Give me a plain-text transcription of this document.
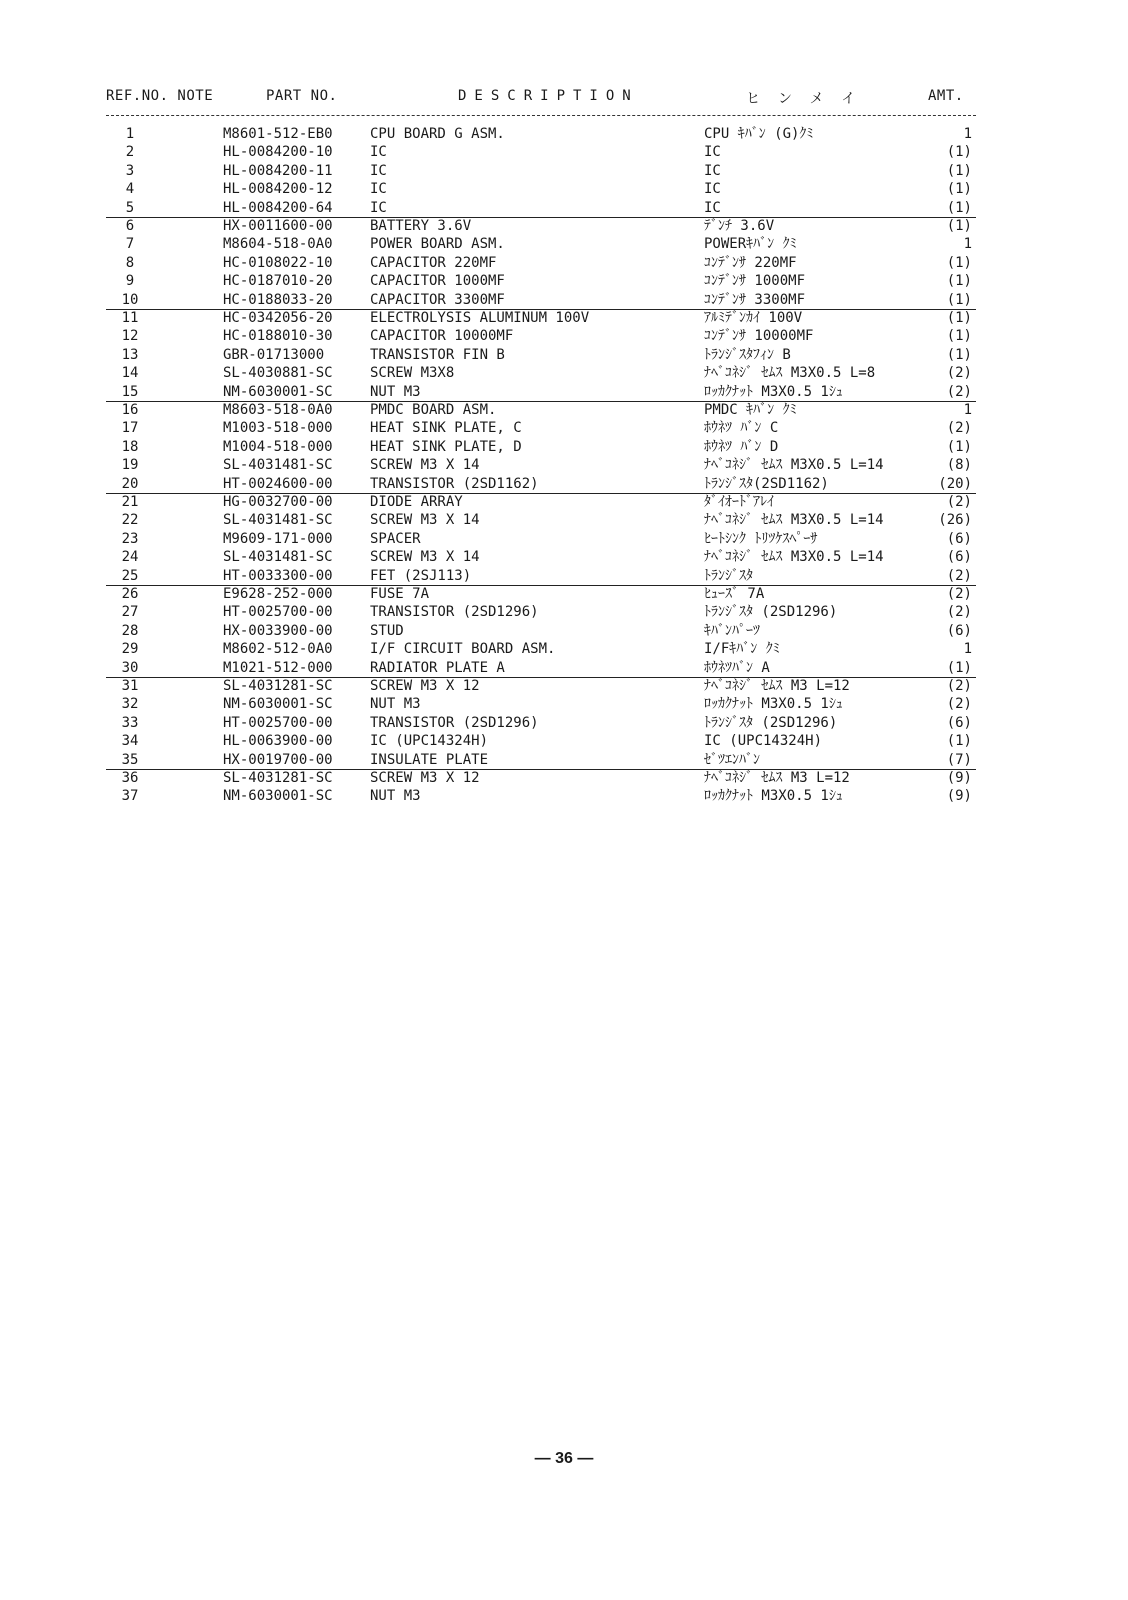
REF.NO. NOTE	PART NO.	DESCRIPTION	ヒンメイ	AMT.
1	M8601-512-EB0	CPU BOARD G ASM.	CPU ｷﾊﾞﾝ (G)ｸﾐ	1
2	HL-0084200-10	IC	IC	(1)
3	HL-0084200-11	IC	IC	(1)
4	HL-0084200-12	IC	IC	(1)
5	HL-0084200-64	IC	IC	(1)
6	HX-0011600-00	BATTERY 3.6V	ﾃﾞﾝﾁ 3.6V	(1)
7	M8604-518-0A0	POWER BOARD ASM.	POWERｷﾊﾞﾝ ｸﾐ	1
8	HC-0108022-10	CAPACITOR 220MF	ｺﾝﾃﾞﾝｻ 220MF	(1)
9	HC-0187010-20	CAPACITOR 1000MF	ｺﾝﾃﾞﾝｻ 1000MF	(1)
10	HC-0188033-20	CAPACITOR 3300MF	ｺﾝﾃﾞﾝｻ 3300MF	(1)
11	HC-0342056-20	ELECTROLYSIS ALUMINUM 100V	ｱﾙﾐﾃﾞﾝｶｲ 100V	(1)
12	HC-0188010-30	CAPACITOR 10000MF	ｺﾝﾃﾞﾝｻ 10000MF	(1)
13	GBR-01713000	TRANSISTOR FIN B	ﾄﾗﾝｼﾞｽﾀﾌｨﾝ B	(1)
14	SL-4030881-SC	SCREW M3X8	ﾅﾍﾞｺﾈｼﾞ ｾﾑｽ M3X0.5 L=8	(2)
15	NM-6030001-SC	NUT M3	ﾛｯｶｸﾅｯﾄ M3X0.5 1ｼｭ	(2)
16	M8603-518-0A0	PMDC BOARD ASM.	PMDC ｷﾊﾞﾝ ｸﾐ	1
17	M1003-518-000	HEAT SINK PLATE, C	ﾎｳﾈﾂ ﾊﾞﾝ C	(2)
18	M1004-518-000	HEAT SINK PLATE, D	ﾎｳﾈﾂ ﾊﾞﾝ D	(1)
19	SL-4031481-SC	SCREW M3 X 14	ﾅﾍﾞｺﾈｼﾞ ｾﾑｽ M3X0.5 L=14	(8)
20	HT-0024600-00	TRANSISTOR (2SD1162)	ﾄﾗﾝｼﾞｽﾀ(2SD1162)	(20)
21	HG-0032700-00	DIODE ARRAY	ﾀﾞｲｵｰﾄﾞｱﾚｲ	(2)
22	SL-4031481-SC	SCREW M3 X 14	ﾅﾍﾞｺﾈｼﾞ ｾﾑｽ M3X0.5 L=14	(26)
23	M9609-171-000	SPACER	ﾋｰﾄｼﾝｸ ﾄﾘﾂｹｽﾍﾟｰｻ	(6)
24	SL-4031481-SC	SCREW M3 X 14	ﾅﾍﾞｺﾈｼﾞ ｾﾑｽ M3X0.5 L=14	(6)
25	HT-0033300-00	FET (2SJ113)	ﾄﾗﾝｼﾞｽﾀ	(2)
26	E9628-252-000	FUSE 7A	ﾋｭｰｽﾞ 7A	(2)
27	HT-0025700-00	TRANSISTOR (2SD1296)	ﾄﾗﾝｼﾞｽﾀ (2SD1296)	(2)
28	HX-0033900-00	STUD	ｷﾊﾞﾝﾊﾟｰﾂ	(6)
29	M8602-512-0A0	I/F CIRCUIT BOARD ASM.	I/Fｷﾊﾞﾝ ｸﾐ	1
30	M1021-512-000	RADIATOR PLATE A	ﾎｳﾈﾂﾊﾞﾝ A	(1)
31	SL-4031281-SC	SCREW M3 X 12	ﾅﾍﾞｺﾈｼﾞ ｾﾑｽ M3 L=12	(2)
32	NM-6030001-SC	NUT M3	ﾛｯｶｸﾅｯﾄ M3X0.5 1ｼｭ	(2)
33	HT-0025700-00	TRANSISTOR (2SD1296)	ﾄﾗﾝｼﾞｽﾀ (2SD1296)	(6)
34	HL-0063900-00	IC (UPC14324H)	IC (UPC14324H)	(1)
35	HX-0019700-00	INSULATE PLATE	ｾﾞﾂｴﾝﾊﾞﾝ	(7)
36	SL-4031281-SC	SCREW M3 X 12	ﾅﾍﾞｺﾈｼﾞ ｾﾑｽ M3 L=12	(9)
37	NM-6030001-SC	NUT M3	ﾛｯｶｸﾅｯﾄ M3X0.5 1ｼｭ	(9)
— 36 —
